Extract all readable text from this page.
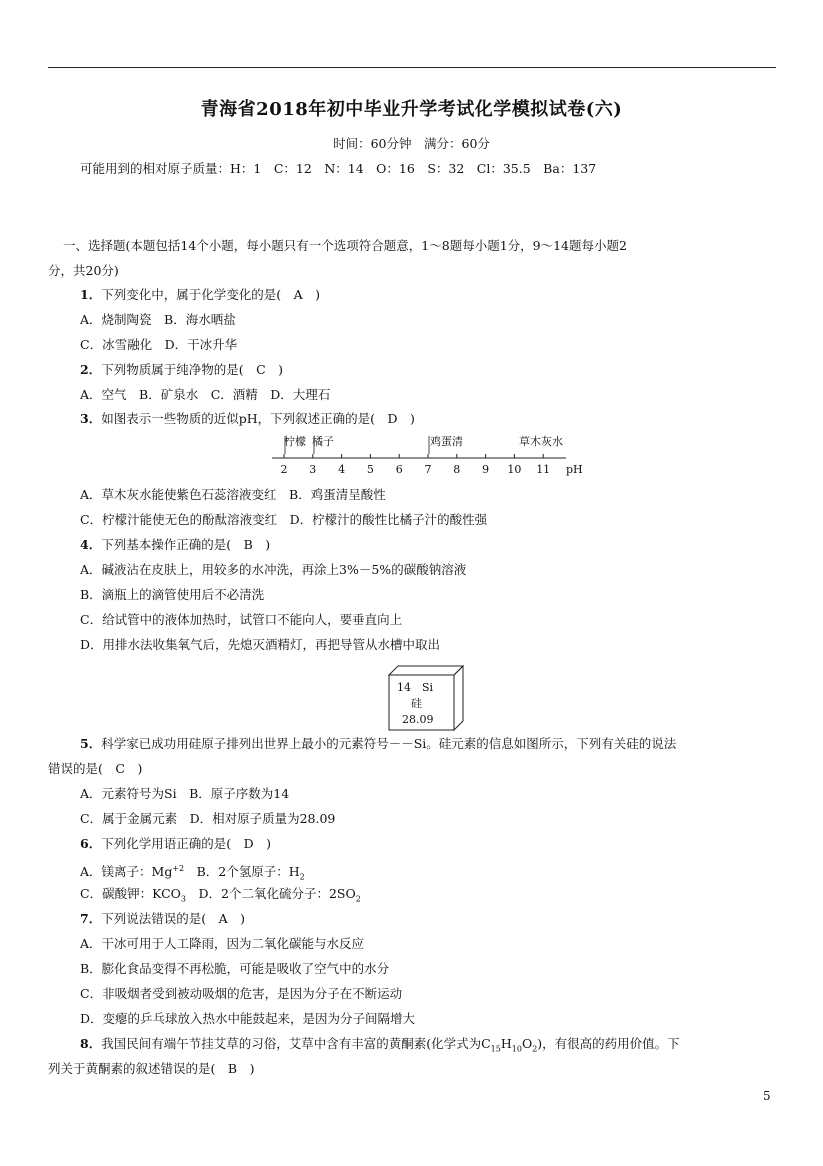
青海省2018年初中毕业升学考试化学模拟试卷(六)
时间：60分钟　满分：60分
可能用到的相对原子质量：H：1　C：12　N：14　O：16　S：32　Cl：35.5　Ba：137
一、选择题(本题包括14个小题，每小题只有一个选项符合题意，1～8题每小题1分，9～14题每小题2
分，共20分)
1．下列变化中，属于化学变化的是(　A　)
A．烧制陶瓷　B．海水晒盐
C．冰雪融化　D．干冰升华
2．下列物质属于纯净物的是(　C　)
A．空气　B．矿泉水　C．酒精　D．大理石
3．如图表示一些物质的近似pH，下列叙述正确的是(　D　)
柠檬 橘子	鸡蛋清	草木灰水
2 3 4 5 6 7 8 9 10 11 pH
A．草木灰水能使紫色石蕊溶液变红　B．鸡蛋清呈酸性
C．柠檬汁能使无色的酚酞溶液变红　D．柠檬汁的酸性比橘子汁的酸性强
4．下列基本操作正确的是(　B　)
A．碱液沾在皮肤上，用较多的水冲洗，再涂上3%－5%的碳酸钠溶液
B．滴瓶上的滴管使用后不必清洗
C．给试管中的液体加热时，试管口不能向人，要垂直向上
D．用排水法收集氧气后，先熄灭酒精灯，再把导管从水槽中取出
14 Si
硅
28.09
5．科学家已成功用硅原子排列出世界上最小的元素符号－－Si。硅元素的信息如图所示，下列有关硅的说法
错误的是(　C　)
A．元素符号为Si　B．原子序数为14
C．属于金属元素　D．相对原子质量为28.09
6．下列化学用语正确的是(　D　)
A．镁离子：$Mg^{+2}$　B．2个氢原子：$H_2$
C．碳酸钾：$KCO_3$　D．2个二氧化硫分子：$2SO_2$
7．下列说法错误的是(　A　)
A．干冰可用于人工降雨，因为二氧化碳能与水反应
B．膨化食品变得不再松脆，可能是吸收了空气中的水分
C．非吸烟者受到被动吸烟的危害，是因为分子在不断运动
D．变瘪的乒乓球放入热水中能鼓起来，是因为分子间隔增大
8．我国民间有端午节挂艾草的习俗，艾草中含有丰富的黄酮素(化学式为$C_{15}H_{10}O_2$)，有很高的药用价值。下
列关于黄酮素的叙述错误的是(　B　)
5
